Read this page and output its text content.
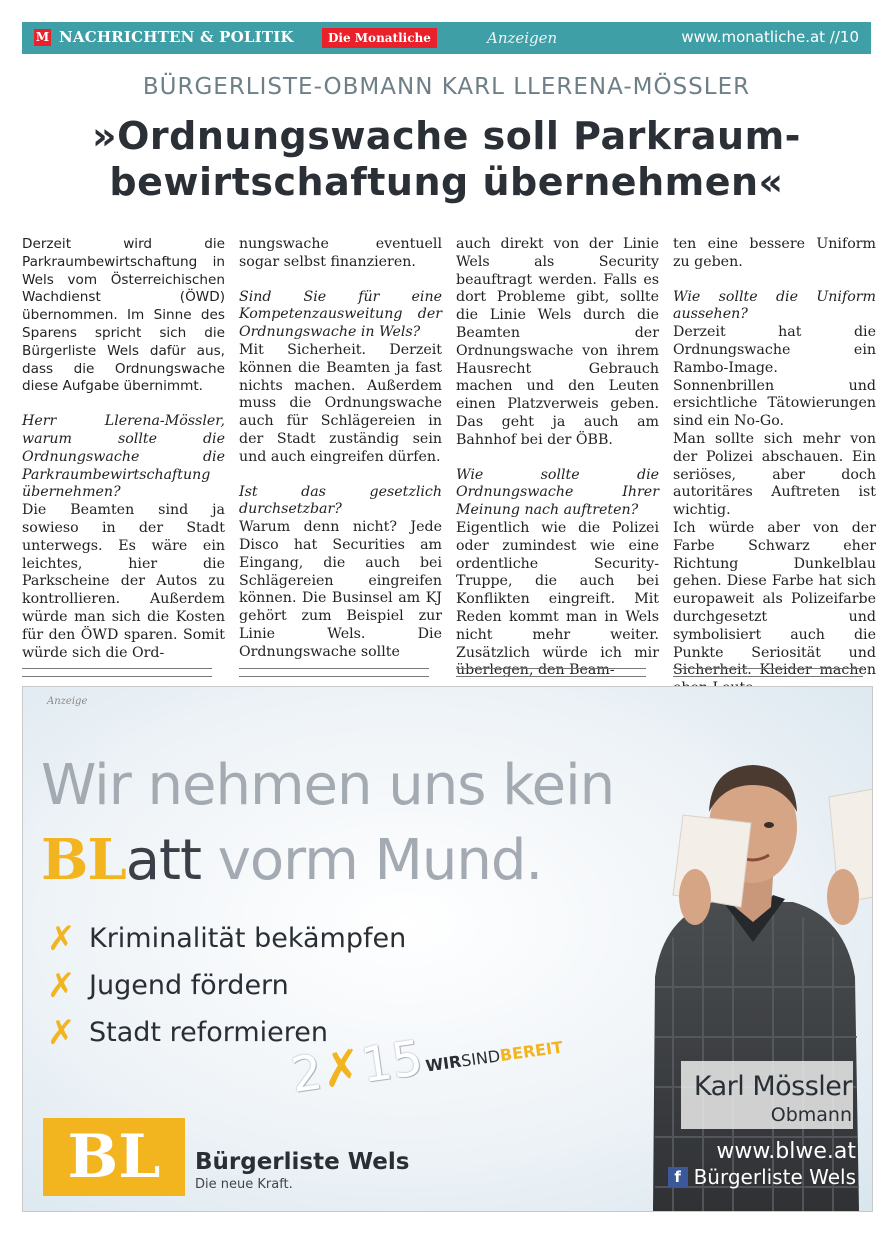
M NACHRICHTEN & POLITIK	Die Monatliche	Anzeigen	www.monatliche.at //10
BÜRGERLISTE-OBMANN KARL LLERENA-MÖSSLER
»Ordnungswache soll Parkraum-
bewirtschaftung übernehmen«

Derzeit wird die Parkraumbewirtschaftung in Wels vom Österreichischen Wachdienst (ÖWD) übernommen. Im Sinne des Sparens spricht sich die Bürgerliste Wels dafür aus, dass die Ordnungswache diese Aufgabe übernimmt.

Herr Llerena-Mössler, warum sollte die Ordnungswache die Parkraumbewirtschaftung übernehmen?

Die Beamten sind ja sowieso in der Stadt unterwegs. Es wäre ein leichtes, hier die Parkscheine der Autos zu kontrollieren. Außerdem würde man sich die Kosten für den ÖWD sparen. Somit würde sich die Ord-

nungswache eventuell sogar selbst finanzieren.

Sind Sie für eine Kompetenzausweitung der Ordnungswache in Wels?

Mit Sicherheit. Derzeit können die Beamten ja fast nichts machen. Außerdem muss die Ordnungswache auch für Schlägereien in der Stadt zuständig sein und auch eingreifen dürfen.

Ist das gesetzlich durchsetzbar?

Warum denn nicht? Jede Disco hat Securities am Eingang, die auch bei Schlägereien eingreifen können. Die Businsel am KJ gehört zum Beispiel zur Linie Wels. Die Ordnungswache sollte

auch direkt von der Linie Wels als Security beauftragt werden. Falls es dort Probleme gibt, sollte die Linie Wels durch die Beamten der Ordnungswache von ihrem Hausrecht Gebrauch machen und den Leuten einen Platzverweis geben. Das geht ja auch am Bahnhof bei der ÖBB.

Wie sollte die Ordnungswache Ihrer Meinung nach auftreten?

Eigentlich wie die Polizei oder zumindest wie eine ordentliche Security-Truppe, die auch bei Konflikten eingreift. Mit Reden kommt man in Wels nicht mehr weiter. Zusätzlich würde ich mir überlegen, den Beam-

ten eine bessere Uniform zu geben.

Wie sollte die Uniform aussehen?

Derzeit hat die Ordnungswache ein Rambo-Image. Sonnenbrillen und ersichtliche Tätowierungen sind ein No-Go.

Man sollte sich mehr von der Polizei abschauen. Ein seriöses, aber doch autoritäres Auftreten ist wichtig.

Ich würde aber von der Farbe Schwarz eher Richtung Dunkelblau gehen. Diese Farbe hat sich europaweit als Polizeifarbe durchgesetzt und symbolisiert auch die Punkte Seriosität und Sicherheit. Kleider machen

Anzeige
Wir nehmen uns kein
BLatt vorm Mund.
✗ Kriminalität bekämpfen
✗ Jugend fördern
✗ Stadt reformieren
2✗15
WIRSINDBEREIT
BL	Bürgerliste Wels
Die neue Kraft.
Karl Mössler
Obmann
www.blwe.at
f Bürgerliste Wels
